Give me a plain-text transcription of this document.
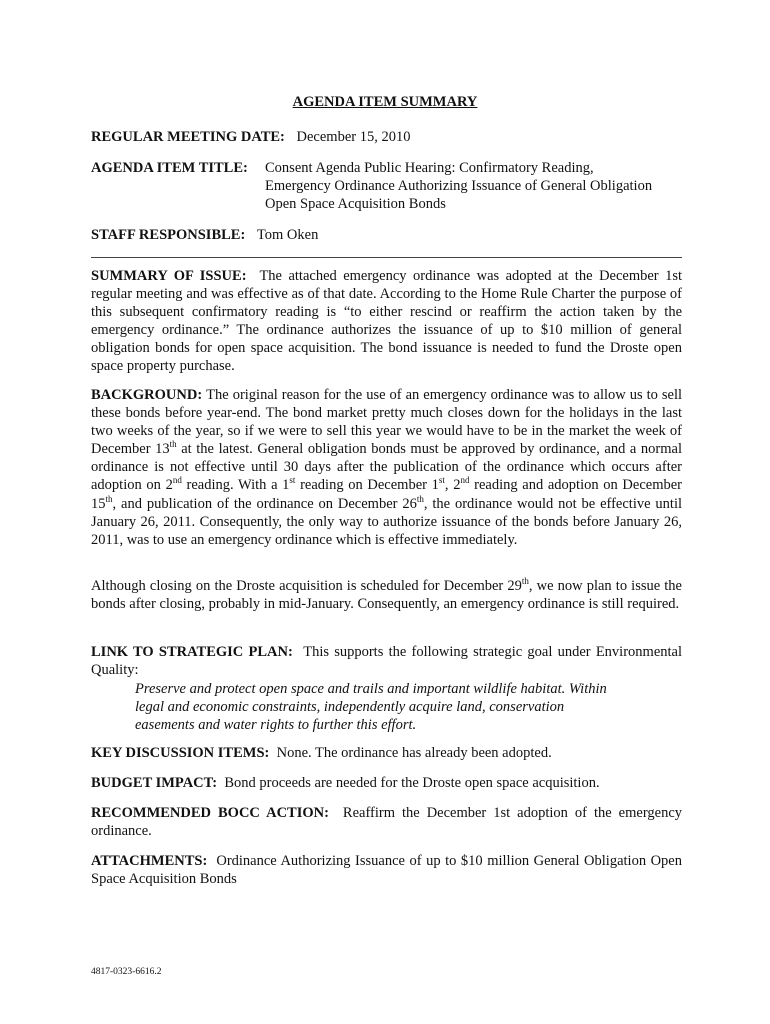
AGENDA ITEM SUMMARY
REGULAR MEETING DATE: December 15, 2010
AGENDA ITEM TITLE: Consent Agenda Public Hearing: Confirmatory Reading,
Emergency Ordinance Authorizing Issuance of General Obligation
Open Space Acquisition Bonds
STAFF RESPONSIBLE: Tom Oken
SUMMARY OF ISSUE: The attached emergency ordinance was adopted at the December 1st regular meeting and was effective as of that date. According to the Home Rule Charter the purpose of this subsequent confirmatory reading is “to either rescind or reaffirm the action taken by the emergency ordinance.” The ordinance authorizes the issuance of up to $10 million of general obligation bonds for open space acquisition. The bond issuance is needed to fund the Droste open space property purchase.
BACKGROUND: The original reason for the use of an emergency ordinance was to allow us to sell these bonds before year-end. The bond market pretty much closes down for the holidays in the last two weeks of the year, so if we were to sell this year we would have to be in the market the week of December 13th at the latest. General obligation bonds must be approved by ordinance, and a normal ordinance is not effective until 30 days after the publication of the ordinance which occurs after adoption on 2nd reading. With a 1st reading on December 1st, 2nd reading and adoption on December 15th, and publication of the ordinance on December 26th, the ordinance would not be effective until January 26, 2011. Consequently, the only way to authorize issuance of the bonds before January 26, 2011, was to use an emergency ordinance which is effective immediately.
Although closing on the Droste acquisition is scheduled for December 29th, we now plan to issue the bonds after closing, probably in mid-January. Consequently, an emergency ordinance is still required.
LINK TO STRATEGIC PLAN: This supports the following strategic goal under Environmental Quality:
Preserve and protect open space and trails and important wildlife habitat. Within
legal and economic constraints, independently acquire land, conservation
easements and water rights to further this effort.
KEY DISCUSSION ITEMS: None. The ordinance has already been adopted.
BUDGET IMPACT: Bond proceeds are needed for the Droste open space acquisition.
RECOMMENDED BOCC ACTION: Reaffirm the December 1st adoption of the emergency ordinance.
ATTACHMENTS: Ordinance Authorizing Issuance of up to $10 million General Obligation Open Space Acquisition Bonds
4817-0323-6616.2
